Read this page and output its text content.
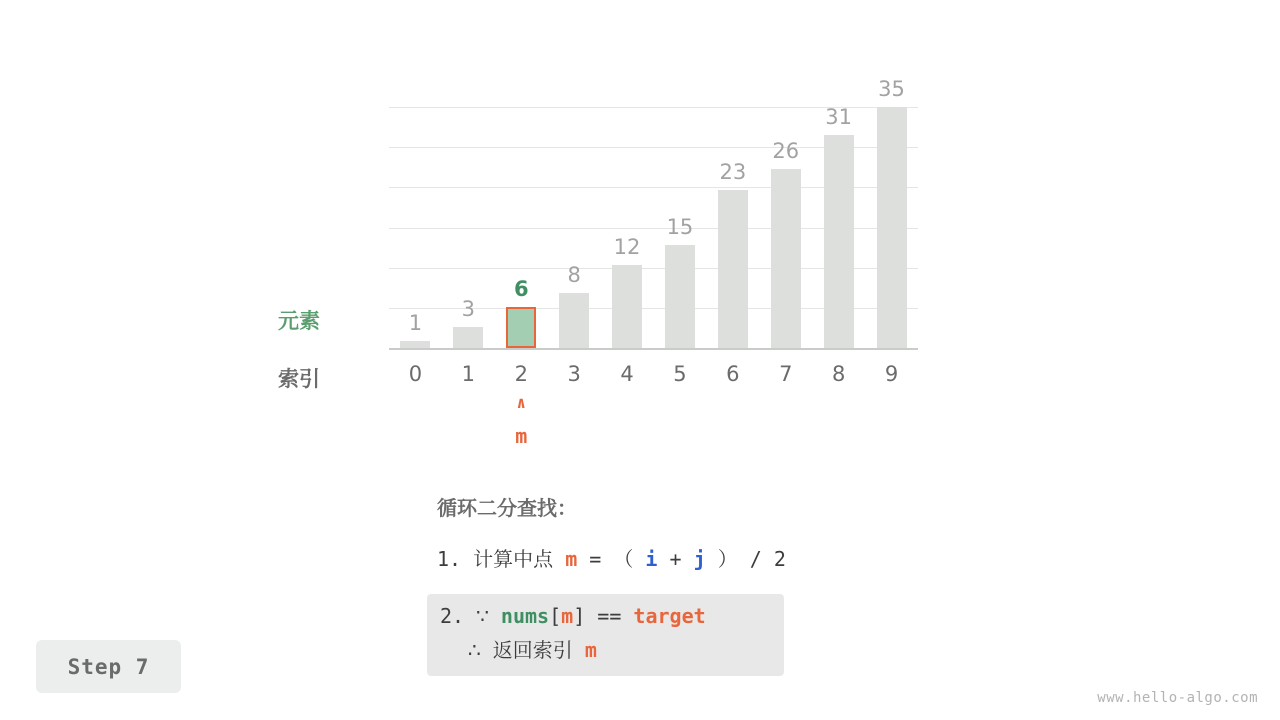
元素
索引
1
3
6
8
12
15
23
26
31
35
0 1 2 3 4 5 6 7 8 9
∧
m
循环二分查找：
1. 计算中点 m = （ i + j ） / 2
2. ∵ nums[m] == target
∴ 返回索引 m
Step 7
www.hello-algo.com
